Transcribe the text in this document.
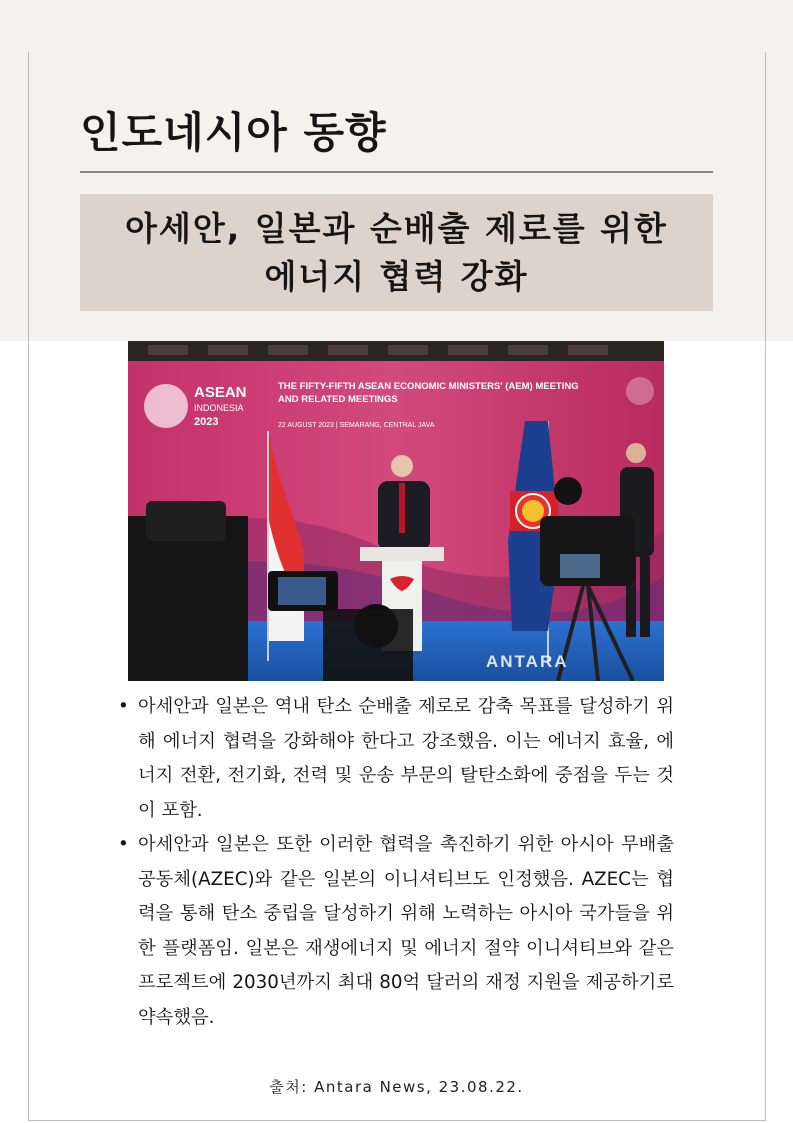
인도네시아 동향
아세안, 일본과 순배출 제로를 위한
에너지 협력 강화
ASEAN
INDONESIA
2023
THE FIFTY-FIFTH ASEAN ECONOMIC MINISTERS' (AEM) MEETING
AND RELATED MEETINGS
22 AUGUST 2023 | SEMARANG, CENTRAL JAVA
ANTARA
• 아세안과 일본은 역내 탄소 순배출 제로로 감축 목표를 달성하기 위해 에너지 협력을 강화해야 한다고 강조했음. 이는 에너지 효율, 에너지 전환, 전기화, 전력 및 운송 부문의 탈탄소화에 중점을 두는 것이 포함.
• 아세안과 일본은 또한 이러한 협력을 촉진하기 위한 아시아 무배출 공동체(AZEC)와 같은 일본의 이니셔티브도 인정했음. AZEC는 협력을 통해 탄소 중립을 달성하기 위해 노력하는 아시아 국가들을 위한 플랫폼임. 일본은 재생에너지 및 에너지 절약 이니셔티브와 같은 프로젝트에 2030년까지 최대 80억 달러의 재정 지원을 제공하기로 약속했음.
출처: Antara News, 23.08.22.
